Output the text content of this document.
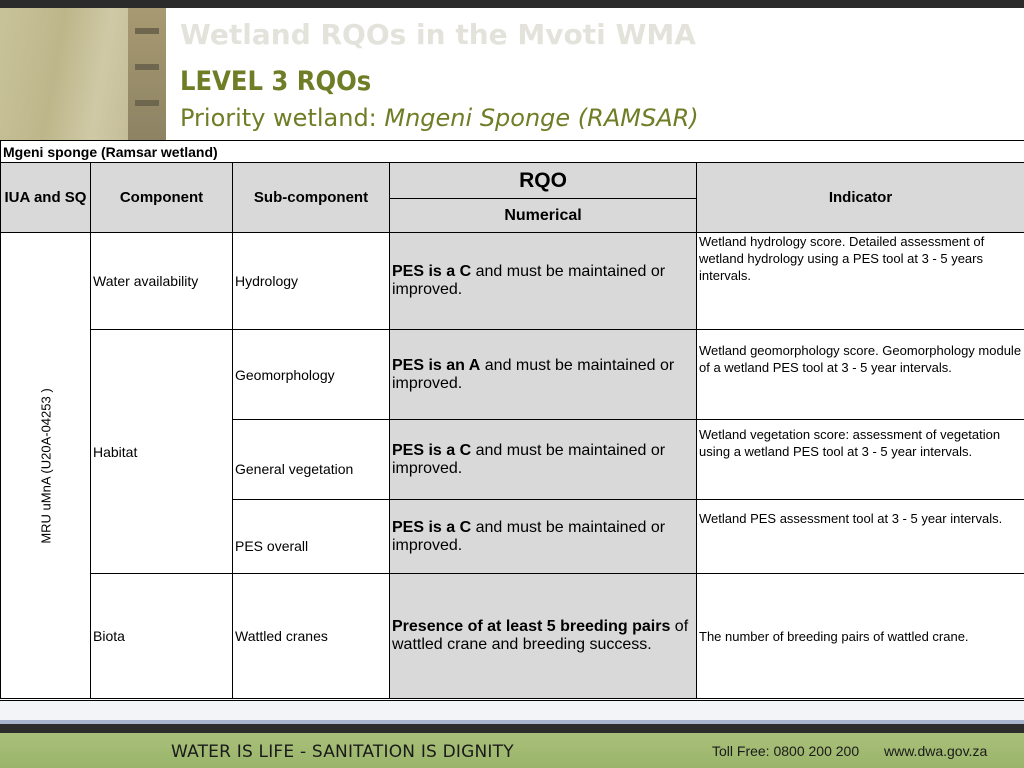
Wetland RQOs in the Mvoti WMA
LEVEL 3 RQOs
Priority wetland: Mngeni Sponge (RAMSAR)
Mgeni sponge (Ramsar wetland)				
IUA and SQ	Component	Sub-component	RQO	Indicator
			Numerical	

MRU uMnA (U20A-04253 )	Water availability	Hydrology	PES is a C and must be maintained or improved.	Wetland hydrology score. Detailed assessment of wetland hydrology using a PES tool at 3 - 5 years intervals.
	Habitat	Geomorphology	PES is an A and must be maintained or improved.	Wetland geomorphology score. Geomorphology module of a wetland PES tool at 3 - 5 year intervals.
		General vegetation	PES is a C and must be maintained or improved.	Wetland vegetation score: assessment of vegetation using a wetland PES tool at 3 - 5 year intervals.
		PES overall	PES is a C and must be maintained or improved.	Wetland PES assessment tool at 3 - 5 year intervals.
	Biota	Wattled cranes	Presence of at least 5 breeding pairs of wattled crane and breeding success.	The number of breeding pairs of wattled crane.
WATER IS LIFE - SANITATION IS DIGNITY	Toll Free: 0800 200 200 www.dwa.gov.za
